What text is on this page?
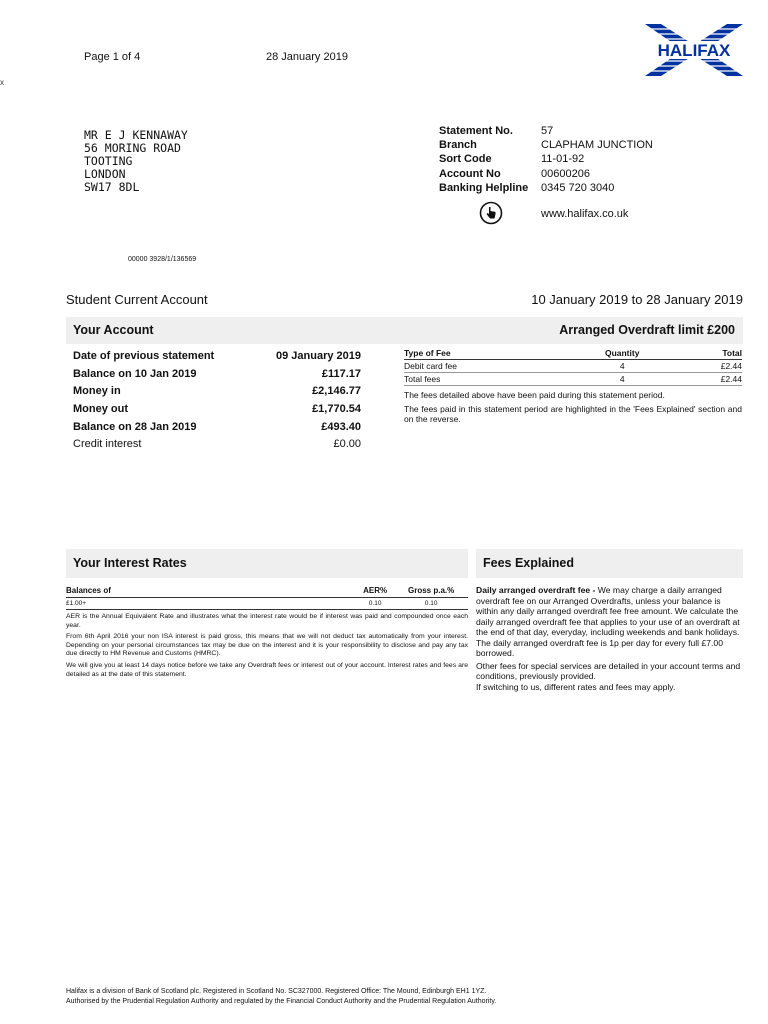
Page 1 of 4	28 January 2019
x
HALIFAX
MR E J KENNAWAY
56 MORING ROAD
TOOTING
LONDON
SW17 8DL
Statement No.	57
Branch	CLAPHAM JUNCTION
Sort Code	11-01-92
Account No	00600206
Banking Helpline 0345 720 3040
www.halifax.co.uk
00000 3928/1/136569
Student Current Account	10 January 2019 to 28 January 2019
Your Account	Arranged Overdraft limit £200
Date of previous statement	09 January 2019
Balance on 10 Jan 2019	£117.17
Money in	£2,146.77
Money out	£1,770.54
Balance on 28 Jan 2019	£493.40
Credit interest	£0.00
Type of Fee	Quantity	Total
Debit card fee	4	£2.44
Total fees	4	£2.44

The fees detailed above have been paid during this statement period.

The fees paid in this statement period are highlighted in the 'Fees Explained' section and on the reverse.

Your Interest Rates	Fees Explained
Balances of	AER%	Gross p.a.%
£1.00+	0.10	0.10

AER is the Annual Equivalent Rate and illustrates what the interest rate would be if interest was paid and compounded once each year.

From 6th April 2016 your non ISA interest is paid gross, this means that we will not deduct tax automatically from your interest. Depending on your personal circumstances tax may be due on the interest and it is your responsibility to disclose and pay any tax due directly to HM Revenue and Customs (HMRC).

We will give you at least 14 days notice before we take any Overdraft fees or interest out of your account. Interest rates and fees are detailed as at the date of this statement.

Daily arranged overdraft fee - We may charge a daily arranged overdraft fee on our Arranged Overdrafts, unless your balance is within any daily arranged overdraft fee free amount. We calculate the daily arranged overdraft fee that applies to your use of an overdraft at the end of that day, everyday, including weekends and bank holidays. The daily arranged overdraft fee is 1p per day for every full £7.00 borrowed.

Other fees for special services are detailed in your account terms and conditions, previously provided.

If switching to us, different rates and fees may apply.

Halifax is a division of Bank of Scotland plc. Registered in Scotland No. SC327000. Registered Office: The Mound, Edinburgh EH1 1YZ.
Authorised by the Prudential Regulation Authority and regulated by the Financial Conduct Authority and the Prudential Regulation Authority.
